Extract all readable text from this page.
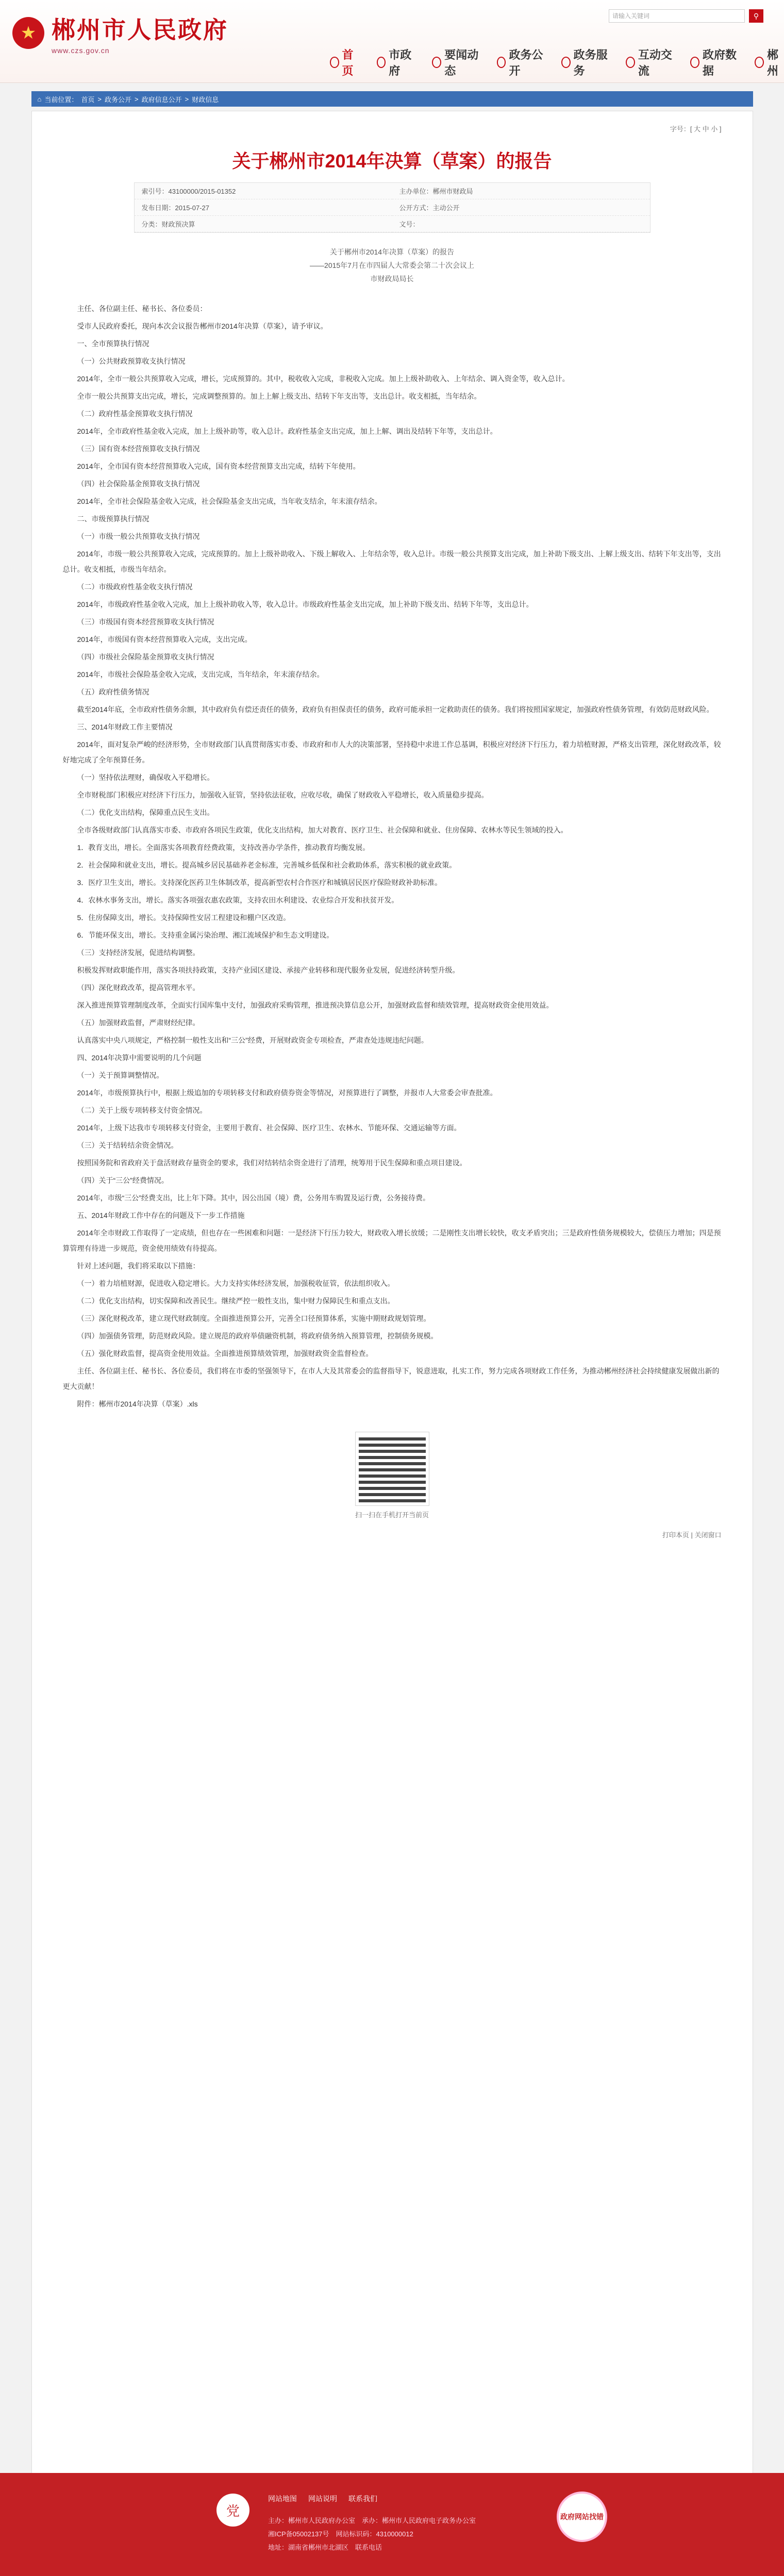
★ 郴州市人民政府
www.czs.gov.cn
请输入关键词	⚲
首页
市政府
要闻动态
政务公开
政务服务
互动交流
政府数据
郴州
⌂ 当前位置： 首页 > 政务公开 > 政府信息公开 > 财政信息
字号：[ 大 中 小 ]
关于郴州市2014年决算（草案）的报告
索引号：43100000/2015-01352	主办单位：郴州市财政局
发布日期：2015-07-27	公开方式：主动公开
分类：财政预决算	文号：
关于郴州市2014年决算（草案）的报告
——2015年7月在市四届人大常委会第二十次会议上
市财政局局长

主任、各位副主任、秘书长、各位委员：

受市人民政府委托，现向本次会议报告郴州市2014年决算（草案），请予审议。

一、全市预算执行情况

（一）公共财政预算收支执行情况

2014年，全市一般公共预算收入完成，增长，完成预算的。其中，税收收入完成，非税收入完成。加上上级补助收入、上年结余、调入资金等，收入总计。

全市一般公共预算支出完成，增长，完成调整预算的。加上上解上级支出、结转下年支出等，支出总计。收支相抵，当年结余。

（二）政府性基金预算收支执行情况

2014年，全市政府性基金收入完成，加上上级补助等，收入总计。政府性基金支出完成，加上上解、调出及结转下年等，支出总计。

（三）国有资本经营预算收支执行情况

2014年，全市国有资本经营预算收入完成，国有资本经营预算支出完成，结转下年使用。

（四）社会保险基金预算收支执行情况

2014年，全市社会保险基金收入完成，社会保险基金支出完成，当年收支结余，年末滚存结余。

二、市级预算执行情况

（一）市级一般公共预算收支执行情况

2014年，市级一般公共预算收入完成，完成预算的。加上上级补助收入、下级上解收入、上年结余等，收入总计。市级一般公共预算支出完成，加上补助下级支出、上解上级支出、结转下年支出等，支出总计。收支相抵，市级当年结余。

（二）市级政府性基金收支执行情况

2014年，市级政府性基金收入完成，加上上级补助收入等，收入总计。市级政府性基金支出完成，加上补助下级支出、结转下年等，支出总计。

（三）市级国有资本经营预算收支执行情况

2014年，市级国有资本经营预算收入完成，支出完成。

（四）市级社会保险基金预算收支执行情况

2014年，市级社会保险基金收入完成，支出完成，当年结余，年末滚存结余。

（五）政府性债务情况

截至2014年底，全市政府性债务余额，其中政府负有偿还责任的债务，政府负有担保责任的债务，政府可能承担一定救助责任的债务。我们将按照国家规定，加强政府性债务管理，有效防范财政风险。

三、2014年财政工作主要情况

2014年，面对复杂严峻的经济形势，全市财政部门认真贯彻落实市委、市政府和市人大的决策部署，坚持稳中求进工作总基调，积极应对经济下行压力，着力培植财源，严格支出管理，深化财政改革，较好地完成了全年预算任务。

（一）坚持依法理财，确保收入平稳增长。

全市财税部门积极应对经济下行压力，加强收入征管，坚持依法征收，应收尽收，确保了财政收入平稳增长，收入质量稳步提高。

（二）优化支出结构，保障重点民生支出。

全市各级财政部门认真落实市委、市政府各项民生政策，优化支出结构，加大对教育、医疗卫生、社会保障和就业、住房保障、农林水等民生领域的投入。

1．教育支出，增长。全面落实各项教育经费政策，支持改善办学条件，推动教育均衡发展。

2．社会保障和就业支出，增长。提高城乡居民基础养老金标准，完善城乡低保和社会救助体系，落实积极的就业政策。

3．医疗卫生支出，增长。支持深化医药卫生体制改革，提高新型农村合作医疗和城镇居民医疗保险财政补助标准。

4．农林水事务支出，增长。落实各项强农惠农政策，支持农田水利建设、农业综合开发和扶贫开发。

5．住房保障支出，增长。支持保障性安居工程建设和棚户区改造。

6．节能环保支出，增长。支持重金属污染治理、湘江流域保护和生态文明建设。

（三）支持经济发展，促进结构调整。

积极发挥财政职能作用，落实各项扶持政策，支持产业园区建设、承接产业转移和现代服务业发展，促进经济转型升级。

（四）深化财政改革，提高管理水平。

深入推进预算管理制度改革，全面实行国库集中支付，加强政府采购管理，推进预决算信息公开，加强财政监督和绩效管理，提高财政资金使用效益。

（五）加强财政监督，严肃财经纪律。

认真落实中央八项规定，严格控制一般性支出和“三公”经费，开展财政资金专项检查，严肃查处违规违纪问题。

四、2014年决算中需要说明的几个问题

（一）关于预算调整情况。

2014年，市级预算执行中，根据上级追加的专项转移支付和政府债券资金等情况，对预算进行了调整，并报市人大常委会审查批准。

（二）关于上级专项转移支付资金情况。

2014年，上级下达我市专项转移支付资金，主要用于教育、社会保障、医疗卫生、农林水、节能环保、交通运输等方面。

（三）关于结转结余资金情况。

按照国务院和省政府关于盘活财政存量资金的要求，我们对结转结余资金进行了清理，统筹用于民生保障和重点项目建设。

（四）关于“三公”经费情况。

2014年，市级“三公”经费支出，比上年下降。其中，因公出国（境）费，公务用车购置及运行费，公务接待费。

五、2014年财政工作中存在的问题及下一步工作措施

2014年全市财政工作取得了一定成绩，但也存在一些困难和问题：一是经济下行压力较大，财政收入增长放缓；二是刚性支出增长较快，收支矛盾突出；三是政府性债务规模较大，偿债压力增加；四是预算管理有待进一步规范，资金使用绩效有待提高。

针对上述问题，我们将采取以下措施：

（一）着力培植财源，促进收入稳定增长。大力支持实体经济发展，加强税收征管，依法组织收入。

（二）优化支出结构，切实保障和改善民生。继续严控一般性支出，集中财力保障民生和重点支出。

（三）深化财税改革，建立现代财政制度。全面推进预算公开，完善全口径预算体系，实施中期财政规划管理。

（四）加强债务管理，防范财政风险。建立规范的政府举债融资机制，将政府债务纳入预算管理，控制债务规模。

（五）强化财政监督，提高资金使用效益。全面推进预算绩效管理，加强财政资金监督检查。

主任、各位副主任、秘书长、各位委员，我们将在市委的坚强领导下，在市人大及其常委会的监督指导下，锐意进取，扎实工作，努力完成各项财政工作任务，为推动郴州经济社会持续健康发展做出新的更大贡献！

附件：郴州市2014年决算（草案）.xls

扫一扫在手机打开当前页
打印本页 | 关闭窗口
党
网站地图 网站说明 联系我们
主办：郴州市人民政府办公室　承办：郴州市人民政府电子政务办公室
湘ICP备05002137号　网站标识码：4310000012
地址：湖南省郴州市北湖区　联系电话
政府网站找错
